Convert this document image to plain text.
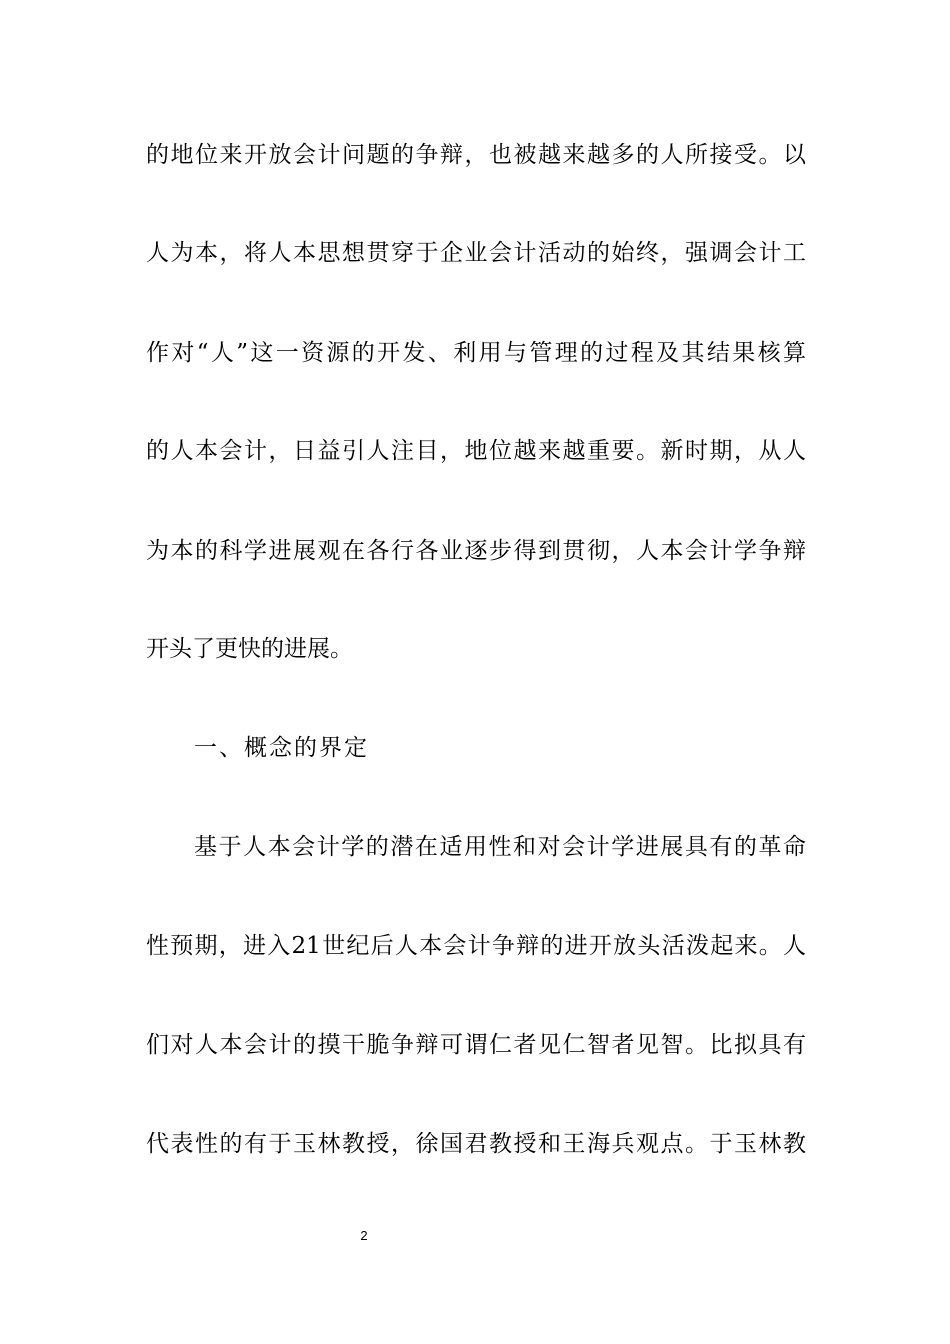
的地位来开放会计问题的争辩，也被越来越多的人所接受。以
人为本，将人本思想贯穿于企业会计活动的始终，强调会计工
作对“人”这一资源的开发、利用与管理的过程及其结果核算
的人本会计，日益引人注目，地位越来越重要。新时期，从人
为本的科学进展观在各行各业逐步得到贯彻，人本会计学争辩
开头了更快的进展。
一、概念的界定
基于人本会计学的潜在适用性和对会计学进展具有的革命
性预期，进入21世纪后人本会计争辩的进开放头活泼起来。人
们对人本会计的摸干脆争辩可谓仁者见仁智者见智。比拟具有
代表性的有于玉林教授，徐国君教授和王海兵观点。于玉林教
2
